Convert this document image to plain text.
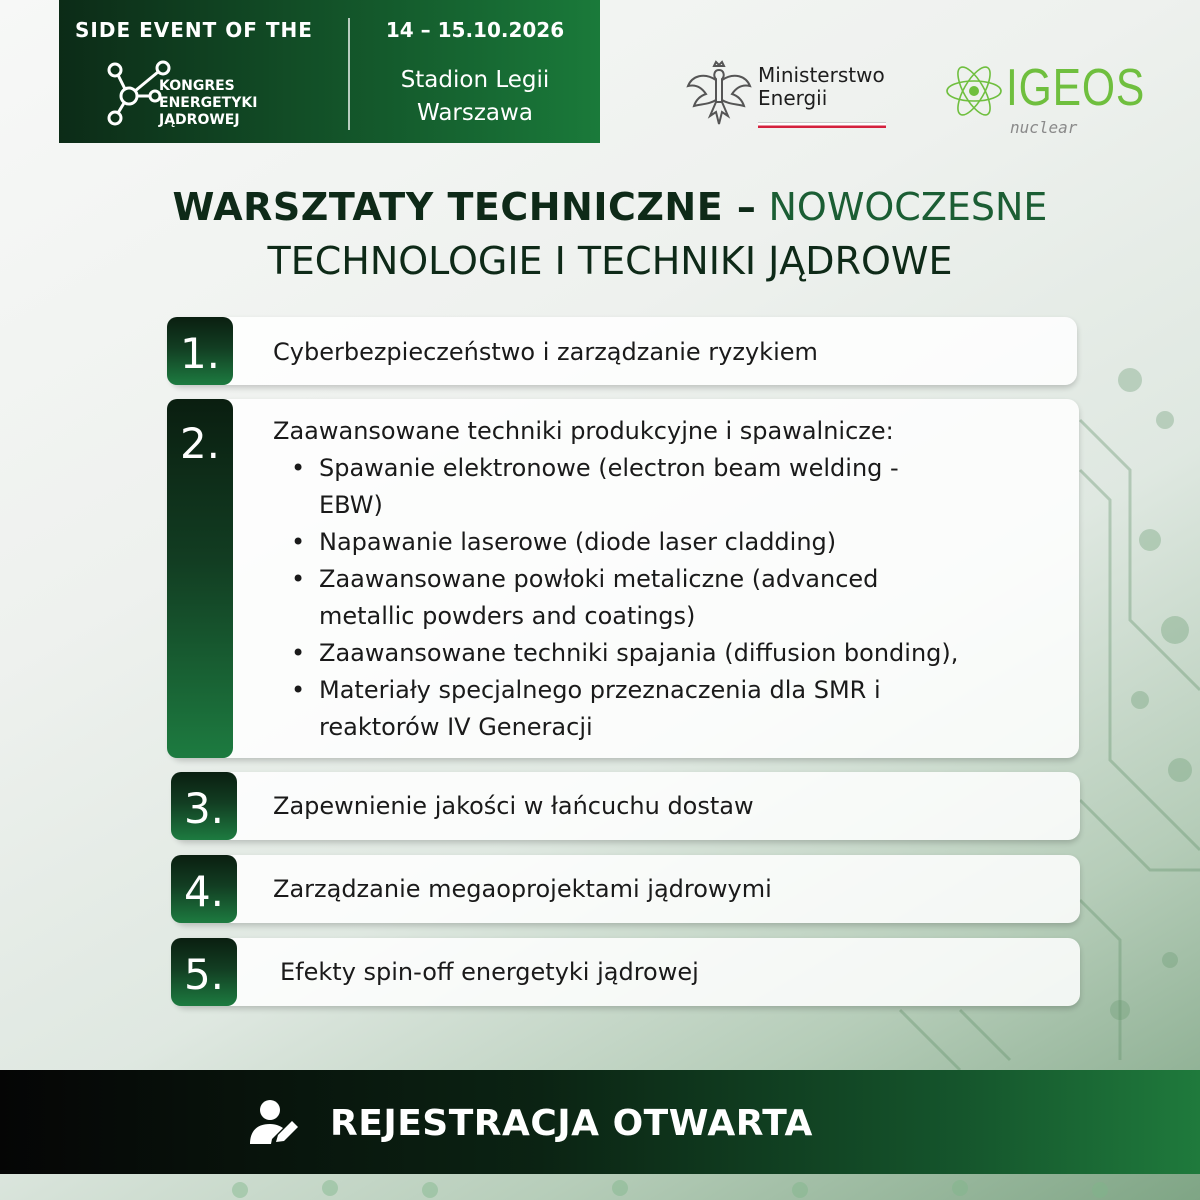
SIDE EVENT OF THE
KONGRES
ENERGETYKI
JĄDROWEJ
14 – 15.10.2026
Stadion Legii
Warszawa
Ministerstwo
Energii	IGEOS
nuclear
WARSZTATY TECHNICZNE – NOWOCZESNE
TECHNOLOGIE I TECHNIKI JĄDROWE
1.	Cyberbezpieczeństwo i zarządzanie ryzykiem
2.	Zaawansowane techniki produkcyjne i spawalnicze:
• Spawanie elektronowe (electron beam welding -
EBW)
• Napawanie laserowe (diode laser cladding)
• Zaawansowane powłoki metaliczne (advanced
metallic powders and coatings)
• Zaawansowane techniki spajania (diffusion bonding),
• Materiały specjalnego przeznaczenia dla SMR i
reaktorów IV Generacji
3.	Zapewnienie jakości w łańcuchu dostaw
4.	Zarządzanie megaoprojektami jądrowymi
5.	Efekty spin-off energetyki jądrowej
REJESTRACJA OTWARTA
